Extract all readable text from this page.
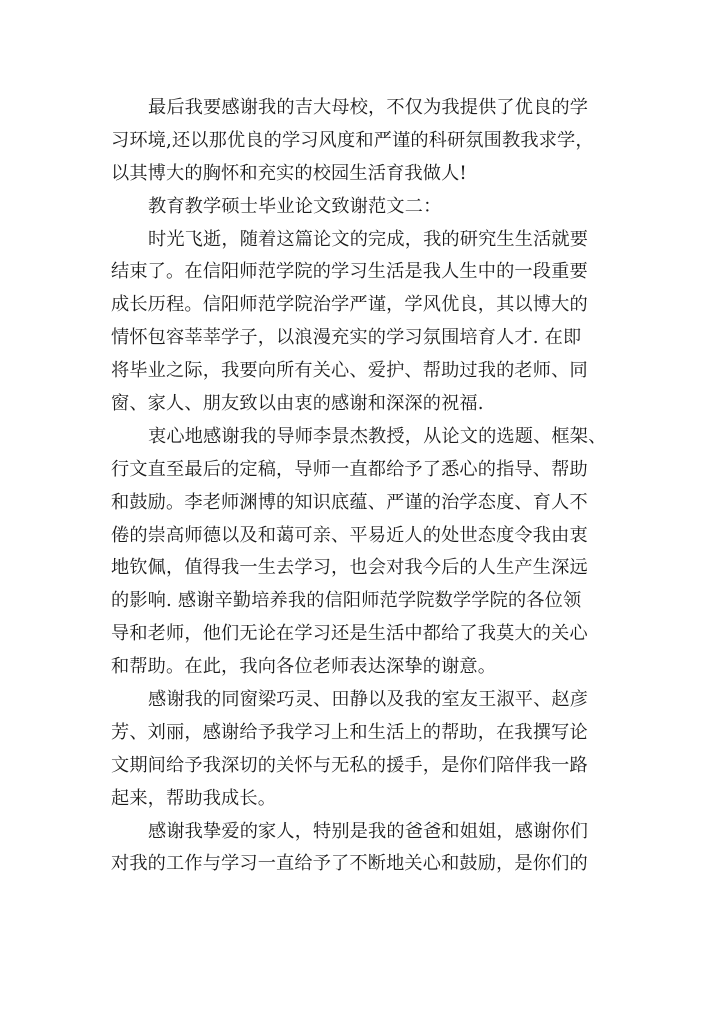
最后我要感谢我的吉大母校，不仅为我提供了优良的学
习环境,还以那优良的学习风度和严谨的科研氛围教我求学，
以其博大的胸怀和充实的校园生活育我做人!
教育教学硕士毕业论文致谢范文二：
时光飞逝，随着这篇论文的完成，我的研究生生活就要
结束了。在信阳师范学院的学习生活是我人生中的一段重要
成长历程。信阳师范学院治学严谨，学风优良，其以博大的
情怀包容莘莘学子，以浪漫充实的学习氛围培育人才. 在即
将毕业之际，我要向所有关心、爱护、帮助过我的老师、同
窗、家人、朋友致以由衷的感谢和深深的祝福.
衷心地感谢我的导师李景杰教授，从论文的选题、框架、
行文直至最后的定稿，导师一直都给予了悉心的指导、帮助
和鼓励。李老师渊博的知识底蕴、严谨的治学态度、育人不
倦的崇高师德以及和蔼可亲、平易近人的处世态度令我由衷
地钦佩，值得我一生去学习，也会对我今后的人生产生深远
的影响. 感谢辛勤培养我的信阳师范学院数学学院的各位领
导和老师，他们无论在学习还是生活中都给了我莫大的关心
和帮助。在此，我向各位老师表达深挚的谢意。
感谢我的同窗梁巧灵、田静以及我的室友王淑平、赵彦
芳、刘丽，感谢给予我学习上和生活上的帮助，在我撰写论
文期间给予我深切的关怀与无私的援手，是你们陪伴我一路
起来，帮助我成长。
感谢我挚爱的家人，特别是我的爸爸和姐姐，感谢你们
对我的工作与学习一直给予了不断地关心和鼓励，是你们的
